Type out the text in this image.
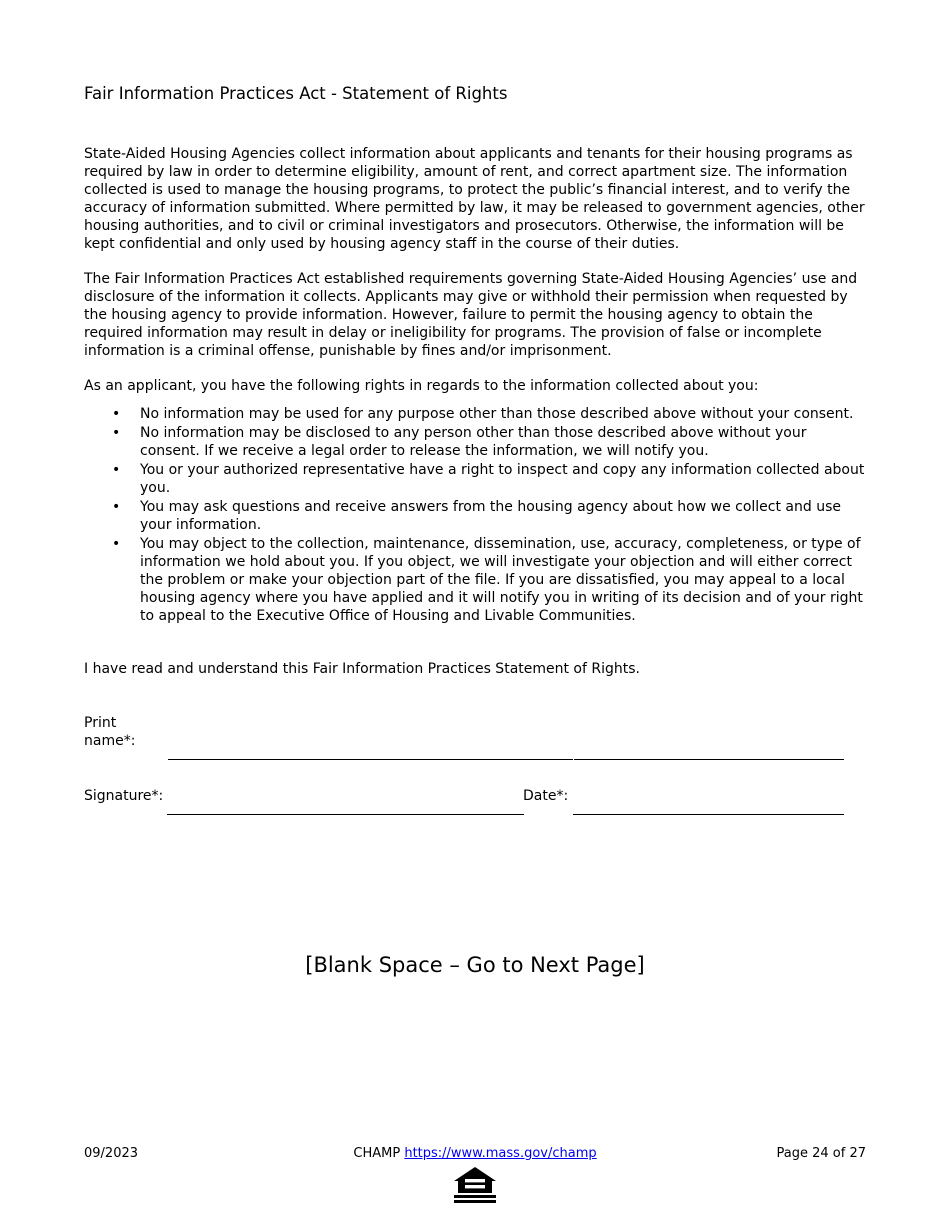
Fair Information Practices Act - Statement of Rights

State-Aided Housing Agencies collect information about applicants and tenants for their housing programs as required by law in order to determine eligibility, amount of rent, and correct apartment size. The information collected is used to manage the housing programs, to protect the public’s financial interest, and to verify the accuracy of information submitted. Where permitted by law, it may be released to government agencies, other housing authorities, and to civil or criminal investigators and prosecutors. Otherwise, the information will be kept confidential and only used by housing agency staff in the course of their duties.

The Fair Information Practices Act established requirements governing State-Aided Housing Agencies’ use and disclosure of the information it collects. Applicants may give or withhold their permission when requested by the housing agency to provide information. However, failure to permit the housing agency to obtain the required information may result in delay or ineligibility for programs. The provision of false or incomplete information is a criminal offense, punishable by fines and/or imprisonment.

As an applicant, you have the following rights in regards to the information collected about you:

• No information may be used for any purpose other than those described above without your consent.
• No information may be disclosed to any person other than those described above without your consent. If we receive a legal order to release the information, we will notify you.
• You or your authorized representative have a right to inspect and copy any information collected about you.
• You may ask questions and receive answers from the housing agency about how we collect and use your information.
• You may object to the collection, maintenance, dissemination, use, accuracy, completeness, or type of information we hold about you. If you object, we will investigate your objection and will either correct the problem or make your objection part of the file. If you are dissatisfied, you may appeal to a local housing agency where you have applied and it will notify you in writing of its decision and of your right to appeal to the Executive Office of Housing and Livable Communities.
I have read and understand this Fair Information Practices Statement of Rights.
Print name*:
Signature*:	Date*:
[Blank Space – Go to Next Page]
09/2023	CHAMP https://www.mass.gov/champ	Page 24 of 27
